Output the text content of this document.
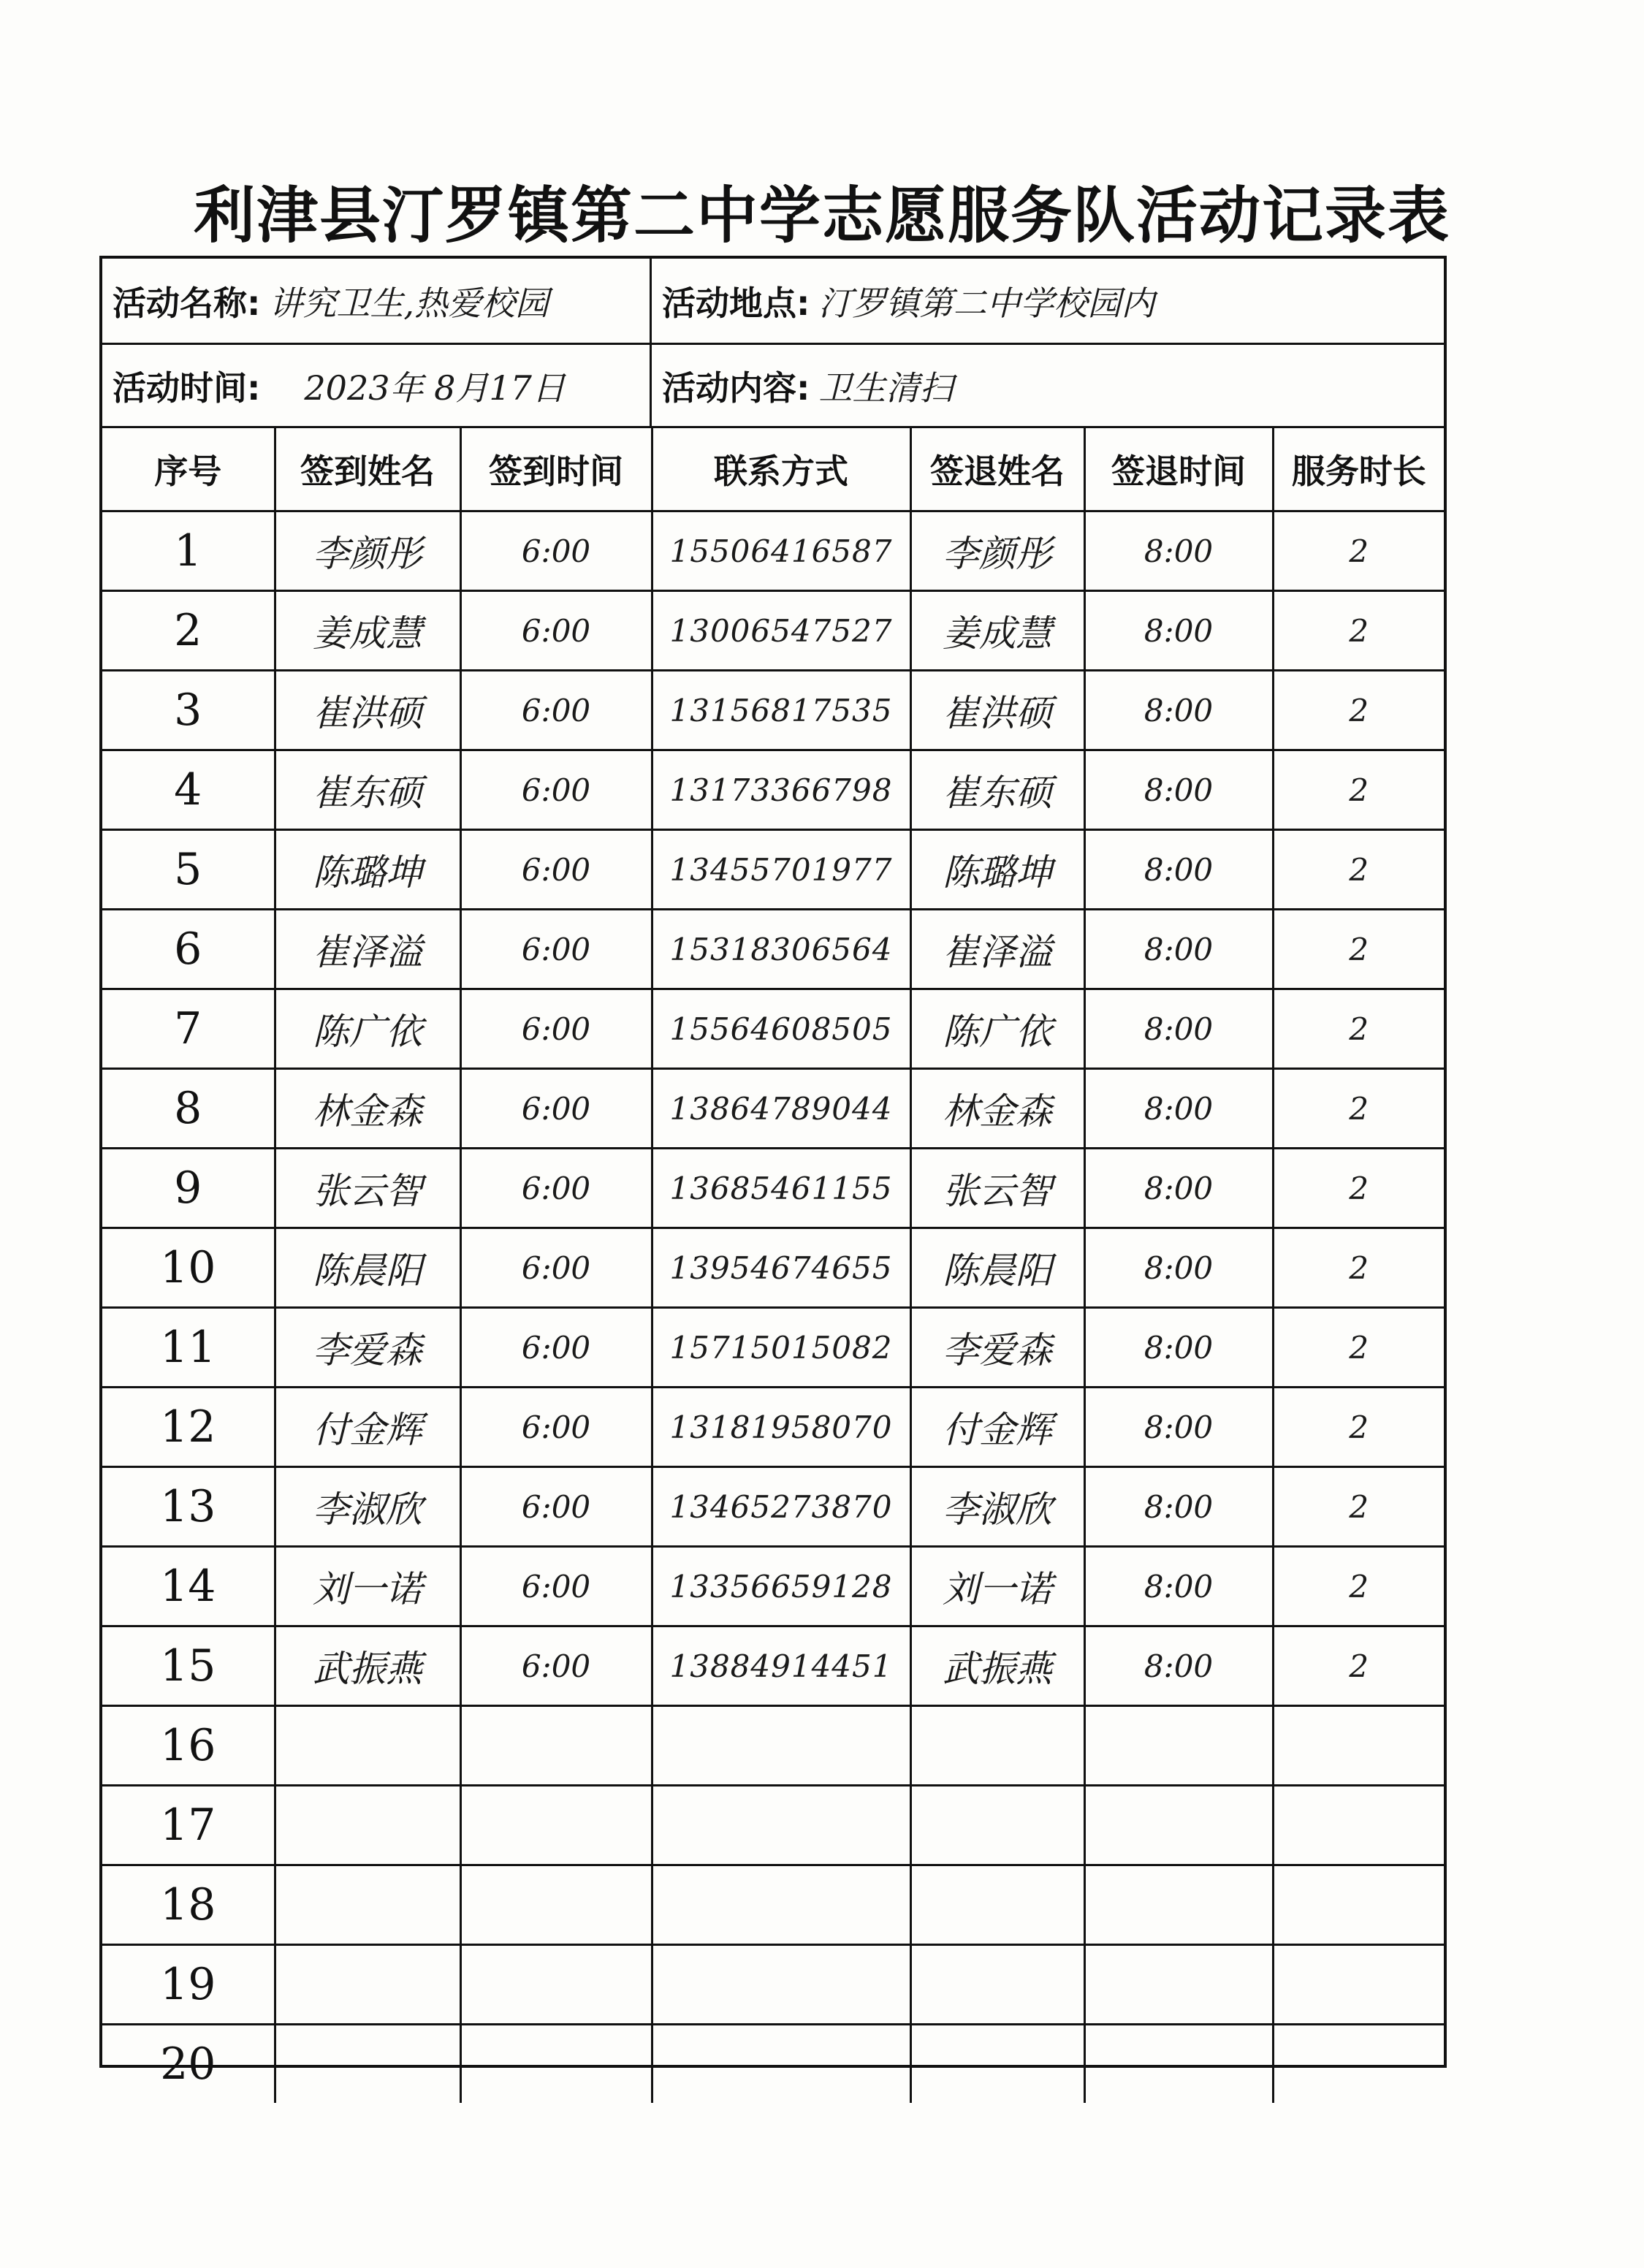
利津县汀罗镇第二中学志愿服务队活动记录表
活动名称: 讲究卫生,热爱校园	活动地点: 汀罗镇第二中学校园内
活动时间: 2023年 8月17日	活动内容: 卫生清扫
序号	签到姓名	签到时间	联系方式	签退姓名	签退时间	服务时长
1	李颜彤	6:00	15506416587	李颜彤	8:00	2
2	姜成慧	6:00	13006547527	姜成慧	8:00	2
3	崔洪硕	6:00	13156817535	崔洪硕	8:00	2
4	崔东硕	6:00	13173366798	崔东硕	8:00	2
5	陈璐坤	6:00	13455701977	陈璐坤	8:00	2
6	崔泽溢	6:00	15318306564	崔泽溢	8:00	2
7	陈广依	6:00	15564608505	陈广依	8:00	2
8	林金森	6:00	13864789044	林金森	8:00	2
9	张云智	6:00	13685461155	张云智	8:00	2
10	陈晨阳	6:00	13954674655	陈晨阳	8:00	2
11	李爱森	6:00	15715015082	李爱森	8:00	2
12	付金辉	6:00	13181958070	付金辉	8:00	2
13	李淑欣	6:00	13465273870	李淑欣	8:00	2
14	刘一诺	6:00	13356659128	刘一诺	8:00	2
15	武振燕	6:00	13884914451	武振燕	8:00	2
16						
17						
18						
19						
20						
